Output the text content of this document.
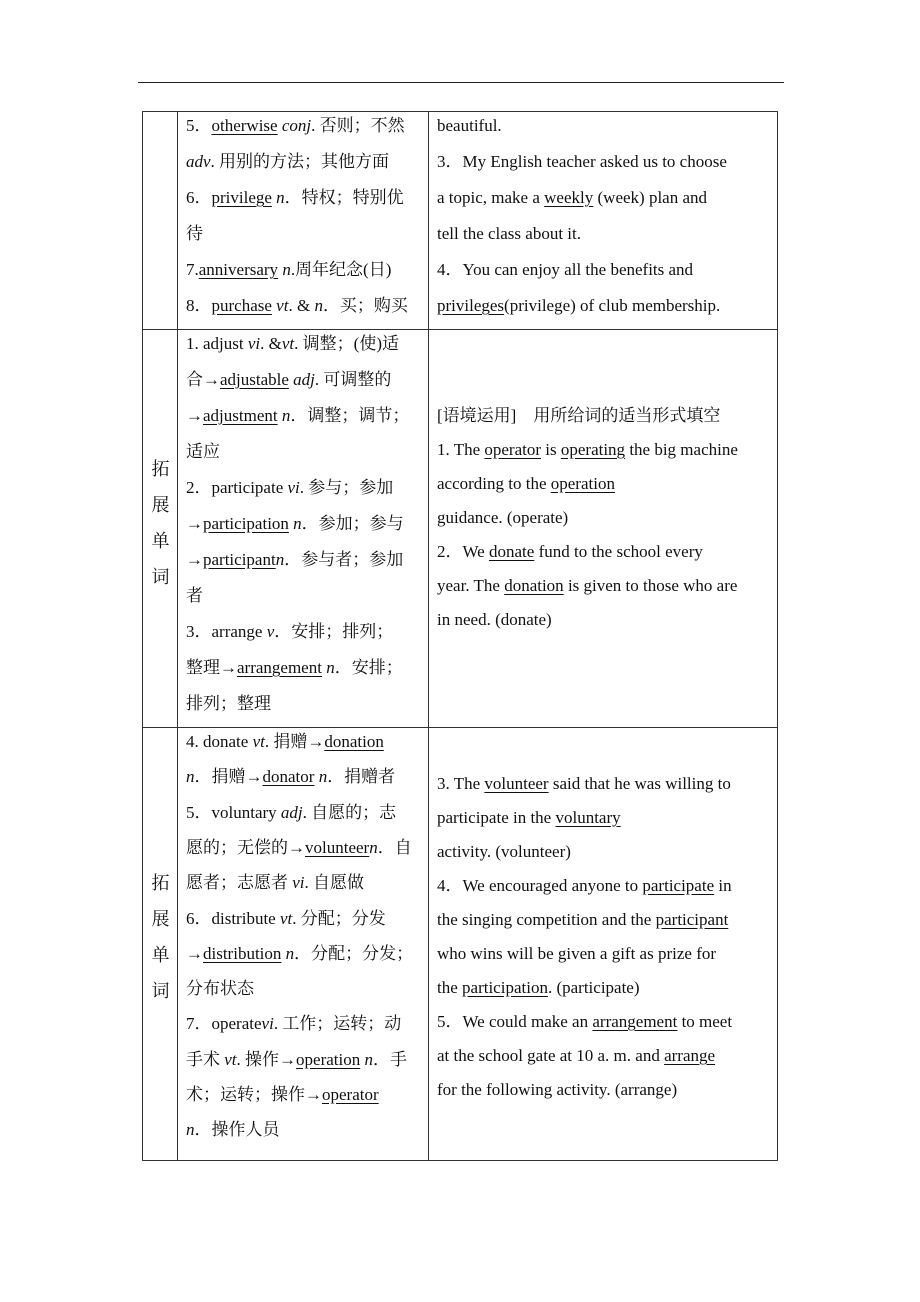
5．otherwise conj. 否则；不然
adv. 用别的方法；其他方面
6．privilege n．特权；特别优
待
7.anniversary n.周年纪念(日)
8．purchase vt. & n．买；购买
beautiful.
3．My English teacher asked us to choose
a topic, make a weekly (week) plan and
tell the class about it.
4．You can enjoy all the benefits and
privileges(privilege) of club membership.
拓
展
单
词
1. adjust vi. &vt. 调整；(使)适
合→adjustable adj. 可调整的
→adjustment n．调整；调节；
适应
2．participate vi. 参与；参加
→participation n．参加；参与
→participantn．参与者；参加
者
3．arrange v．安排；排列；
整理→arrangement n．安排；
排列；整理
[语境运用]　用所给词的适当形式填空
1. The operator is operating the big machine
according to the operation
guidance. (operate)
2．We donate fund to the school every
year. The donation is given to those who are
in need. (donate)
拓
展
单
词
4. donate vt. 捐赠→donation
n．捐赠→donator n．捐赠者
5．voluntary adj. 自愿的；志
愿的；无偿的→volunteern．自
愿者；志愿者 vi. 自愿做
6．distribute vt. 分配；分发
→distribution n．分配；分发；
分布状态
7．operatevi. 工作；运转；动
手术 vt. 操作→operation n．手
术；运转；操作→operator
n．操作人员
3. The volunteer said that he was willing to
participate in the voluntary
activity. (volunteer)
4．We encouraged anyone to participate in
the singing competition and the participant
who wins will be given a gift as prize for
the participation. (participate)
5．We could make an arrangement to meet
at the school gate at 10 a. m. and arrange
for the following activity. (arrange)
